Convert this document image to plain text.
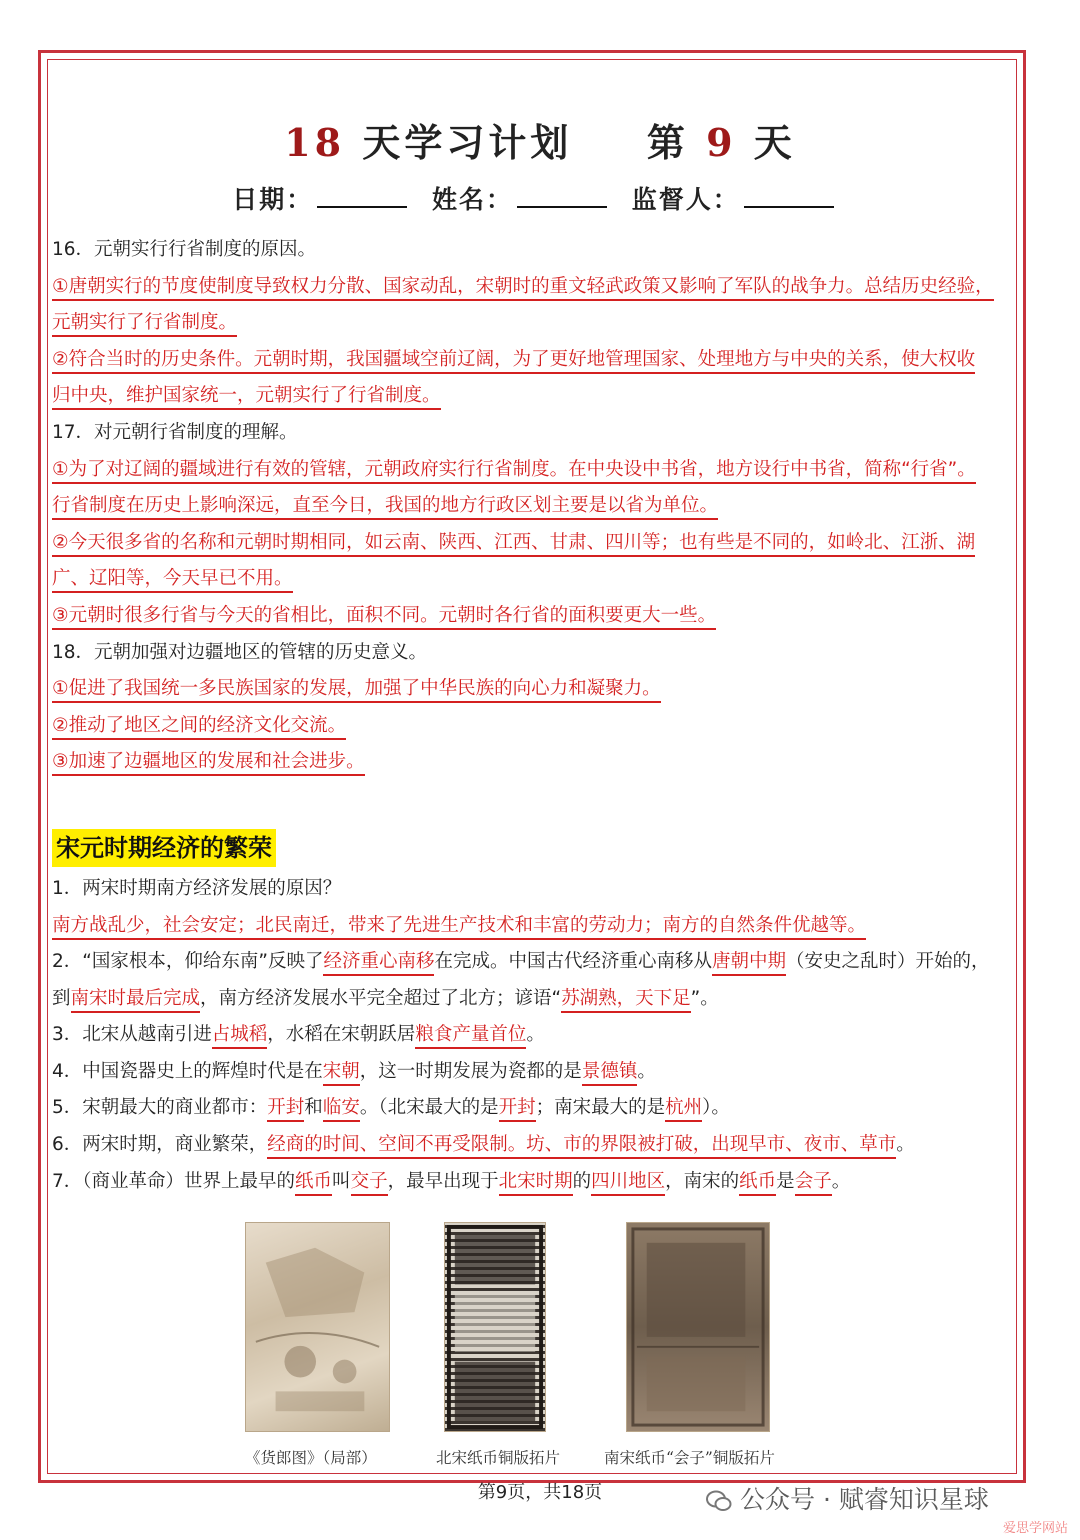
18 天学习计划 第 9 天
日期：	姓名：	监督人：
16．元朝实行行省制度的原因。
①唐朝实行的节度使制度导致权力分散、国家动乱，宋朝时的重文轻武政策又影响了军队的战争力。总结历史经验，
元朝实行了行省制度。
②符合当时的历史条件。元朝时期，我国疆域空前辽阔，为了更好地管理国家、处理地方与中央的关系，使大权收
归中央，维护国家统一，元朝实行了行省制度。
17．对元朝行省制度的理解。
①为了对辽阔的疆域进行有效的管辖，元朝政府实行行省制度。在中央设中书省，地方设行中书省，简称“行省”。
行省制度在历史上影响深远，直至今日，我国的地方行政区划主要是以省为单位。
②今天很多省的名称和元朝时期相同，如云南、陕西、江西、甘肃、四川等；也有些是不同的，如岭北、江浙、湖
广、辽阳等，今天早已不用。
③元朝时很多行省与今天的省相比，面积不同。元朝时各行省的面积要更大一些。
18．元朝加强对边疆地区的管辖的历史意义。
①促进了我国统一多民族国家的发展，加强了中华民族的向心力和凝聚力。
②推动了地区之间的经济文化交流。
③加速了边疆地区的发展和社会进步。
宋元时期经济的繁荣
1．两宋时期南方经济发展的原因？
南方战乱少，社会安定；北民南迁，带来了先进生产技术和丰富的劳动力；南方的自然条件优越等。
2．“国家根本，仰给东南”反映了经济重心南移在完成。中国古代经济重心南移从唐朝中期（安史之乱时）开始的，
到南宋时最后完成，南方经济发展水平完全超过了北方；谚语“苏湖熟，天下足”。
3．北宋从越南引进占城稻，水稻在宋朝跃居粮食产量首位。
4．中国瓷器史上的辉煌时代是在宋朝，这一时期发展为瓷都的是景德镇。
5．宋朝最大的商业都市：开封和临安。（北宋最大的是开封；南宋最大的是杭州）。
6．两宋时期，商业繁荣，经商的时间、空间不再受限制。坊、市的界限被打破，出现早市、夜市、草市。
7．（商业革命）世界上最早的纸币叫交子，最早出现于北宋时期的四川地区，南宋的纸币是会子。
《货郎图》（局部）	北宋纸币铜版拓片	南宋纸币“会子”铜版拓片
第9页，共18页	公众号 · 赋睿知识星球
爱思学网站
